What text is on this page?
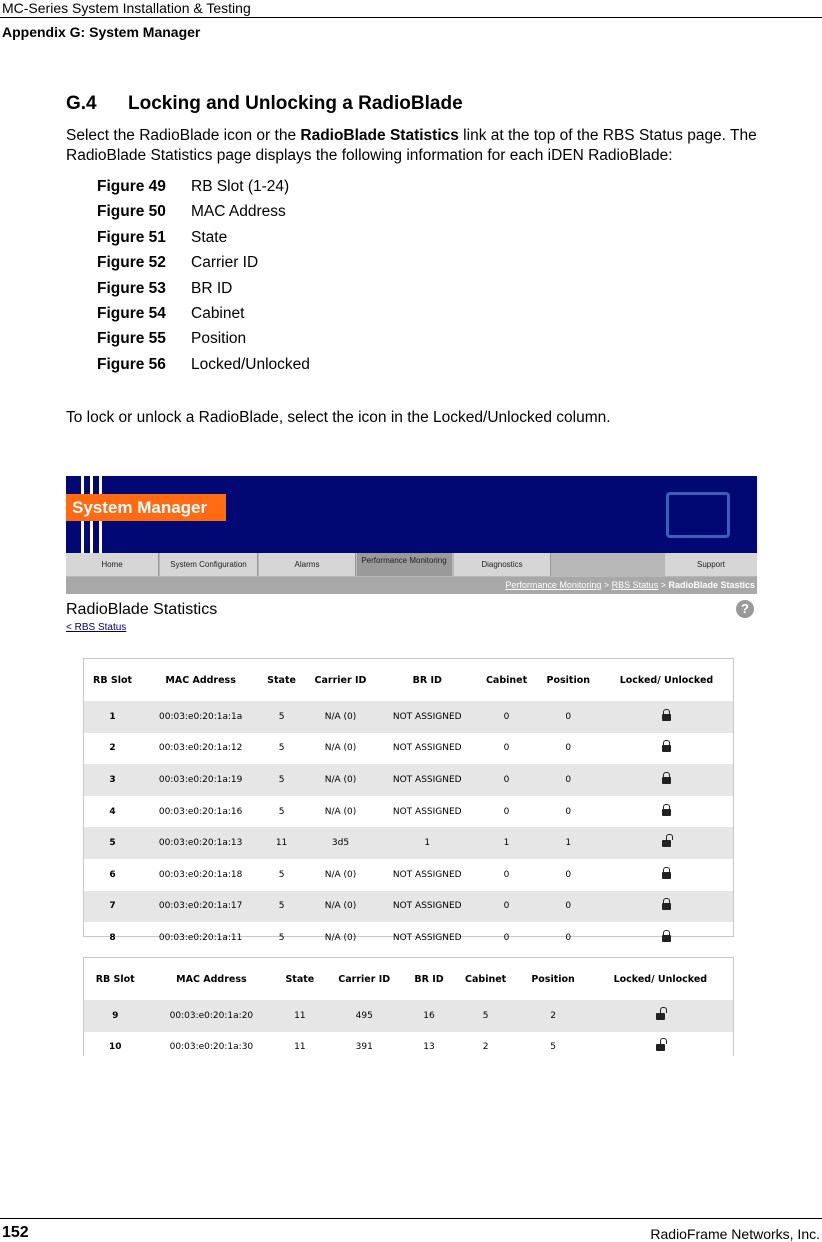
MC-Series System Installation & Testing
Appendix G: System Manager
G.4 Locking and Unlocking a RadioBlade
Select the RadioBlade icon or the RadioBlade Statistics link at the top of the RBS Status page. The RadioBlade Statistics page displays the following information for each iDEN RadioBlade:
Figure 49	RB Slot (1-24)
Figure 50	MAC Address
Figure 51	State
Figure 52	Carrier ID
Figure 53	BR ID
Figure 54	Cabinet
Figure 55	Position
Figure 56	Locked/Unlocked
To lock or unlock a RadioBlade, select the icon in the Locked/Unlocked column.
System Manager
Home	System Configuration	Alarms	Performance Monitoring	Diagnostics	Support
Performance Monitoring > RBS Status > RadioBlade Stastics
RadioBlade Statistics
< RBS Status
?
RB Slot	MAC Address	State	Carrier ID	BR ID	Cabinet	Position	Locked/ Unlocked
1	00:03:e0:20:1a:1a	5	N/A (0)	NOT ASSIGNED	0	0	
2	00:03:e0:20:1a:12	5	N/A (0)	NOT ASSIGNED	0	0	
3	00:03:e0:20:1a:19	5	N/A (0)	NOT ASSIGNED	0	0	
4	00:03:e0:20:1a:16	5	N/A (0)	NOT ASSIGNED	0	0	
5	00:03:e0:20:1a:13	11	3d5	1	1	1	
6	00:03:e0:20:1a:18	5	N/A (0)	NOT ASSIGNED	0	0	
7	00:03:e0:20:1a:17	5	N/A (0)	NOT ASSIGNED	0	0	
8	00:03:e0:20:1a:11	5	N/A (0)	NOT ASSIGNED	0	0	
RB Slot	MAC Address	State	Carrier ID	BR ID	Cabinet	Position	Locked/ Unlocked
9	00:03:e0:20:1a:20	11	495	16	5	2	
10	00:03:e0:20:1a:30	11	391	13	2	5	
152	RadioFrame Networks, Inc.
